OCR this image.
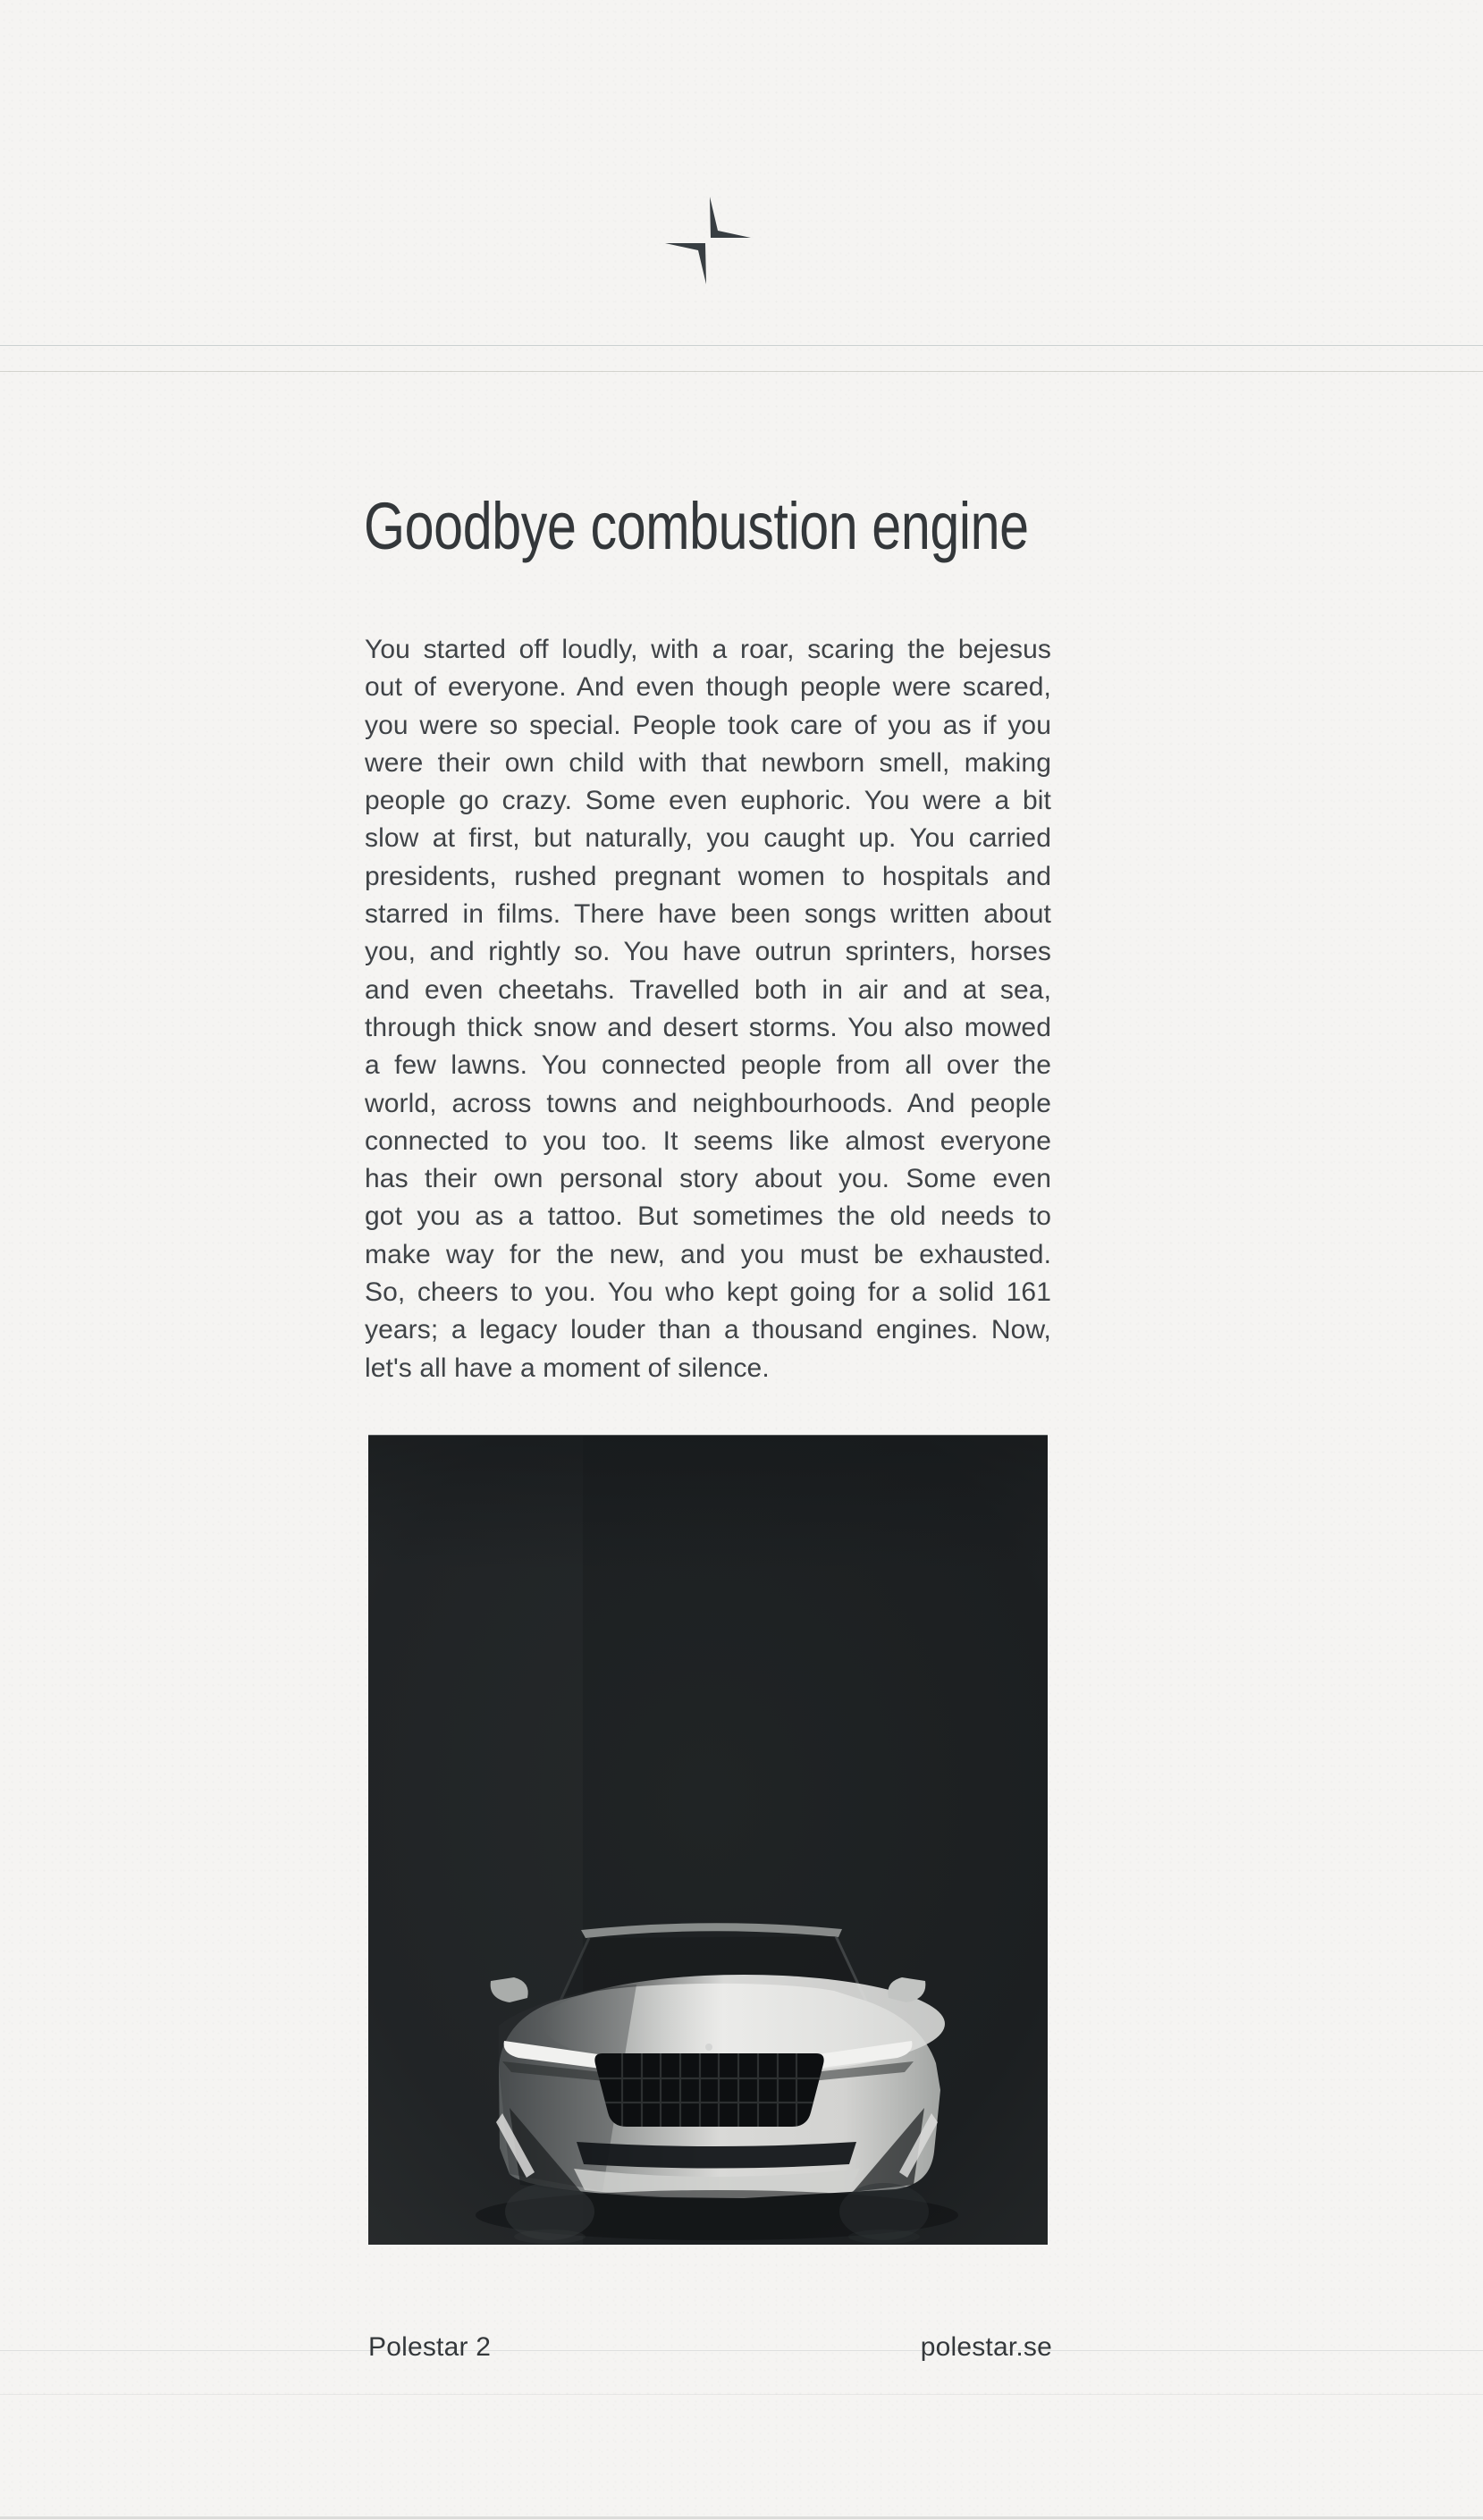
Goodbye combustion engine
You started off loudly, with a roar, scaring the bejesus
out of everyone. And even though people were scared,
you were so special. People took care of you as if you
were their own child with that newborn smell, making
people go crazy. Some even euphoric. You were a bit
slow at first, but naturally, you caught up. You carried
presidents, rushed pregnant women to hospitals and
starred in films. There have been songs written about
you, and rightly so. You have outrun sprinters, horses
and even cheetahs. Travelled both in air and at sea,
through thick snow and desert storms. You also mowed
a few lawns. You connected people from all over the
world, across towns and neighbourhoods. And people
connected to you too. It seems like almost everyone
has their own personal story about you. Some even
got you as a tattoo. But sometimes the old needs to
make way for the new, and you must be exhausted.
So, cheers to you. You who kept going for a solid 161
years; a legacy louder than a thousand engines. Now,
let's all have a moment of silence.
Polestar 2	polestar.se
